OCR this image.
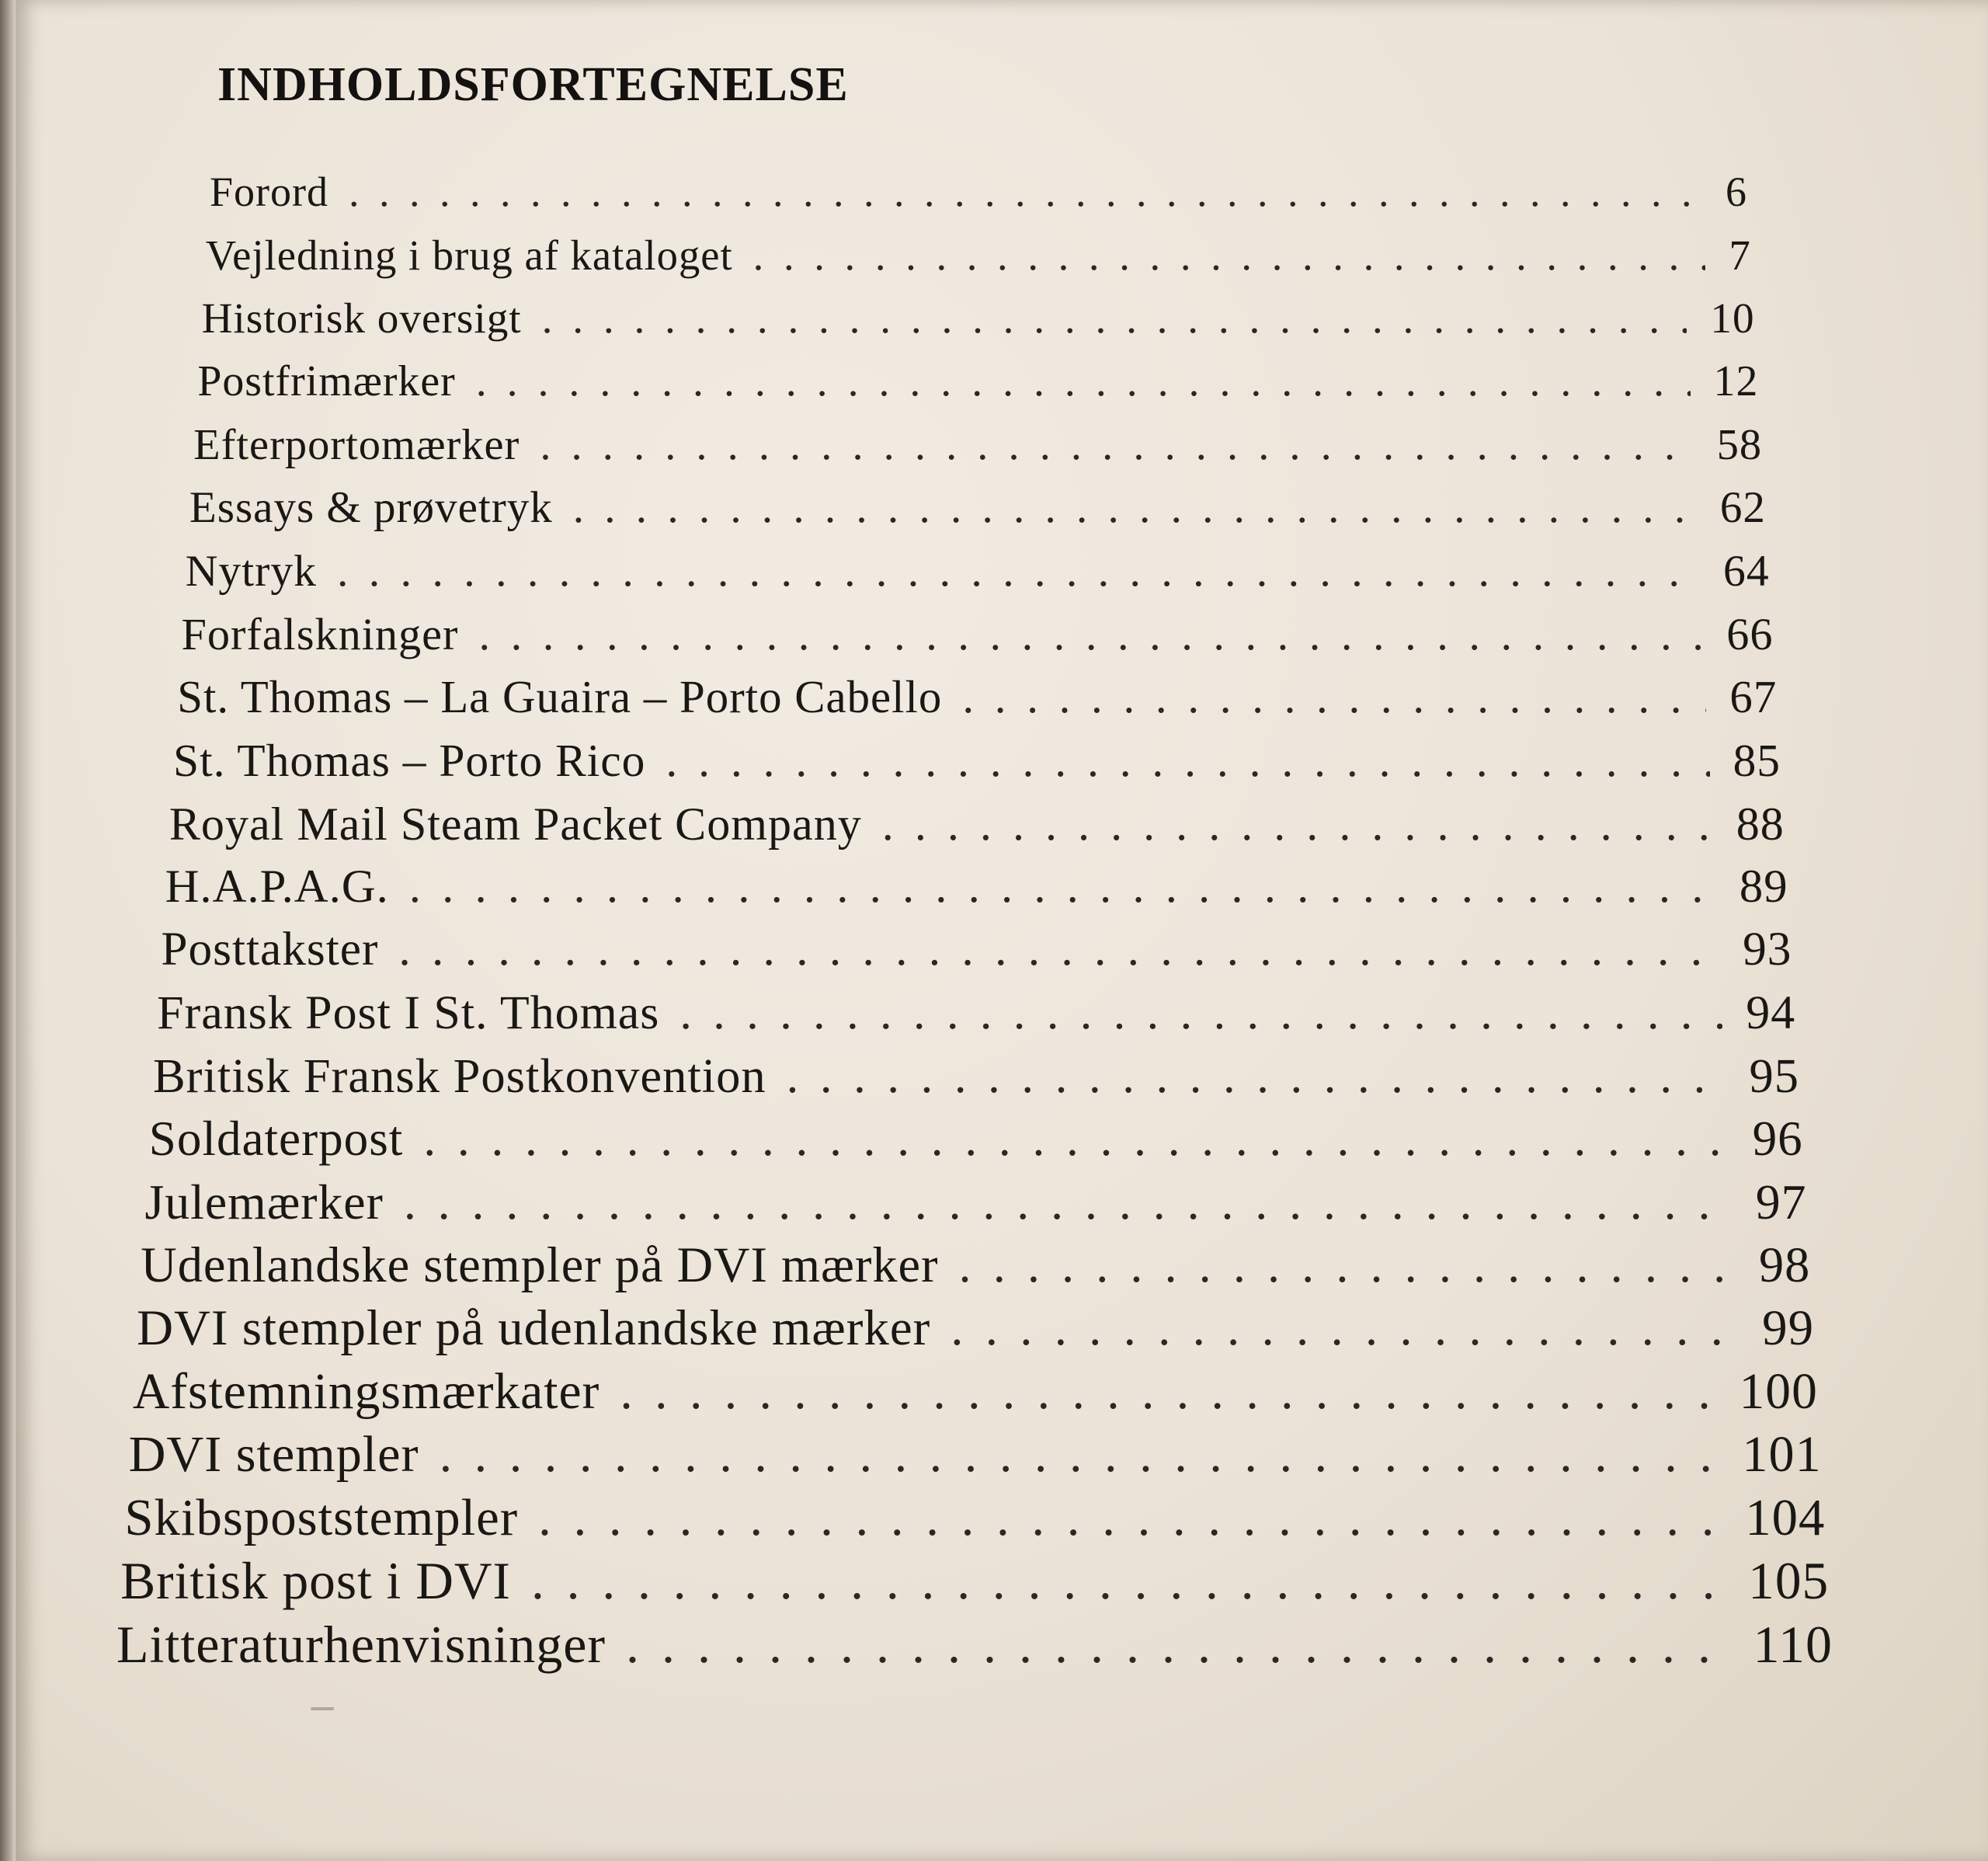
INDHOLDSFORTEGNELSE
Forord . . .	6
Vejledning i brug af kataloget . . .	7
Historisk oversigt . . .	10
Postfrimærker . . .	12
Efterportomærker . . .	58
Essays & prøvetryk . . .	62
Nytryk . . .	64
Forfalskninger . . .	66
St. Thomas – La Guaira – Porto Cabello . . .	67
St. Thomas – Porto Rico . . .	85
Royal Mail Steam Packet Company . . .	88
H.A.P.A.G. . . .	89
Posttakster . . .	93
Fransk Post I St. Thomas . . .	94
Britisk Fransk Postkonvention . . .	95
Soldaterpost . . .	96
Julemærker . . .	97
Udenlandske stempler på DVI mærker . . .	98
DVI stempler på udenlandske mærker . . .	99
Afstemningsmærkater . . .	100
DVI stempler . . .	101
Skibspoststempler . . .	104
Britisk post i DVI . . .	105
Litteraturhenvisninger . . .	110
